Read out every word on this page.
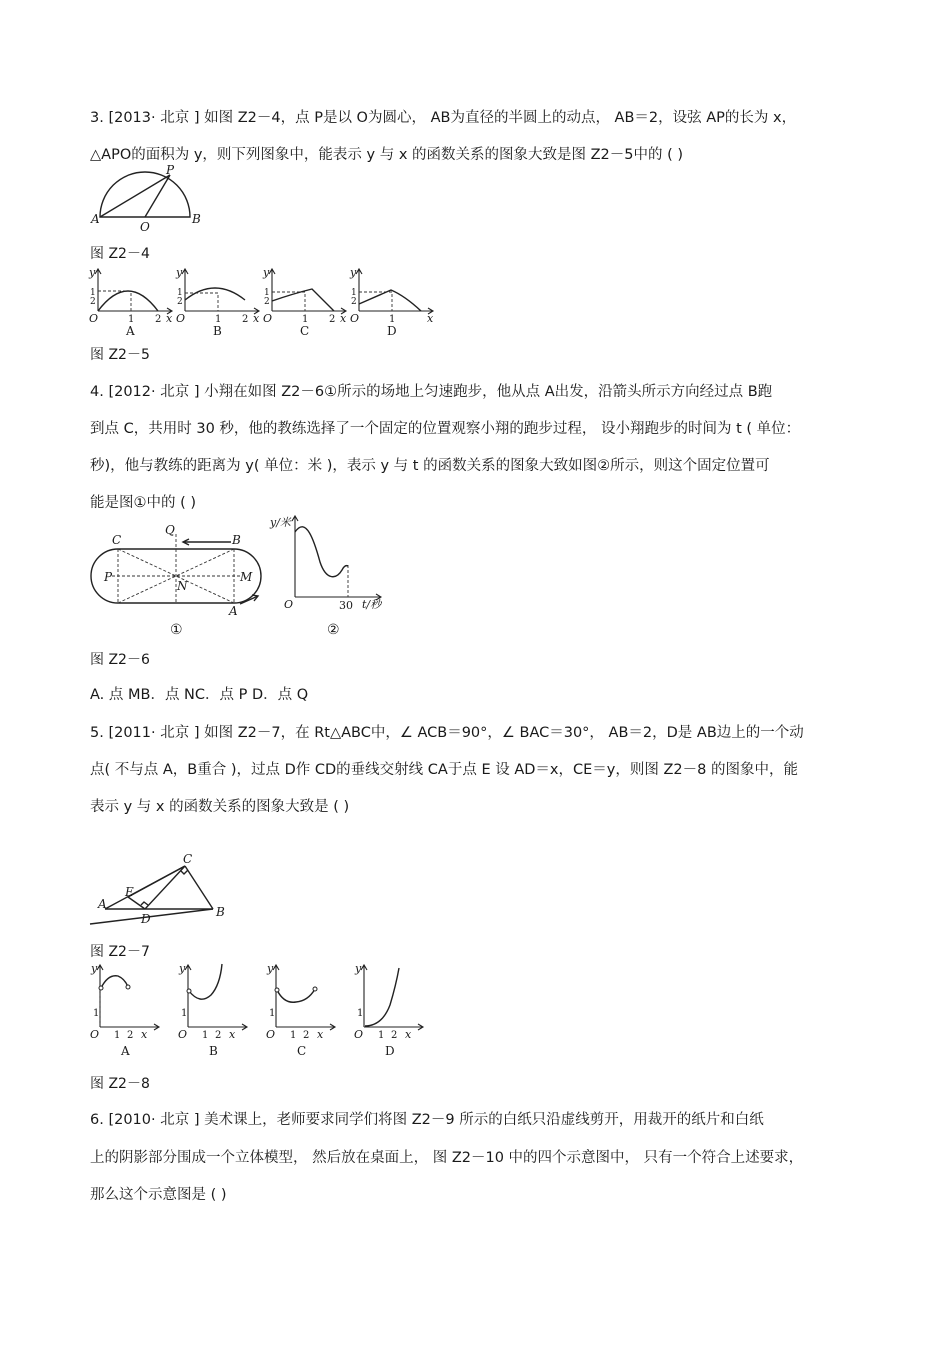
3. [2013· 北京 ] 如图 Z2－4，点 P是以 O为圆心， AB为直径的半圆上的动点， AB＝2，设弦 AP的长为 x，
△APO的面积为 y，则下列图象中，能表示 y 与 x 的函数关系的图象大致是图 Z2－5中的 ( )
A	B
O
P
图 Z2－4
y
1
2
O	1 2 x
A
y
1
2
O	1 2 x
B
y
1
2
O	1 2 x
C
y
1
2
O	1	x
D
图 Z2－5
4. [2012· 北京 ] 小翔在如图 Z2－6①所示的场地上匀速跑步，他从点 A出发，沿箭头所示方向经过点 B跑
到点 C，共用时 30 秒，他的教练选择了一个固定的位置观察小翔的跑步过程， 设小翔跑步的时间为 t ( 单位：
秒)，他与教练的距离为 y( 单位：米 )，表示 y 与 t 的函数关系的图象大致如图②所示，则这个固定位置可
能是图①中的 ( )
C	B
Q
P	M
N
A
①
y/米
O	30 t/秒
②
图 Z2－6
A. 点 MB．点 NC．点 P D．点 Q
5. [2011· 北京 ] 如图 Z2－7，在 Rt△ABC中，∠ ACB＝90°，∠ BAC＝30°， AB＝2，D是 AB边上的一个动
点( 不与点 A，B重合 )，过点 D作 CD的垂线交射线 CA于点 E 设 AD＝x，CE＝y，则图 Z2－8 的图象中，能
表示 y 与 x 的函数关系的图象大致是 ( )
A
B
C
D
E
图 Z2－7
y
1
O 1 2 x
A
y
1
O 1 2 x
B
y
1
O 1 2 x
C
y
1
O 1 2 x
D
图 Z2－8
6. [2010· 北京 ] 美术课上，老师要求同学们将图 Z2－9 所示的白纸只沿虚线剪开，用裁开的纸片和白纸
上的阴影部分围成一个立体模型， 然后放在桌面上， 图 Z2－10 中的四个示意图中， 只有一个符合上述要求，
那么这个示意图是 ( )
